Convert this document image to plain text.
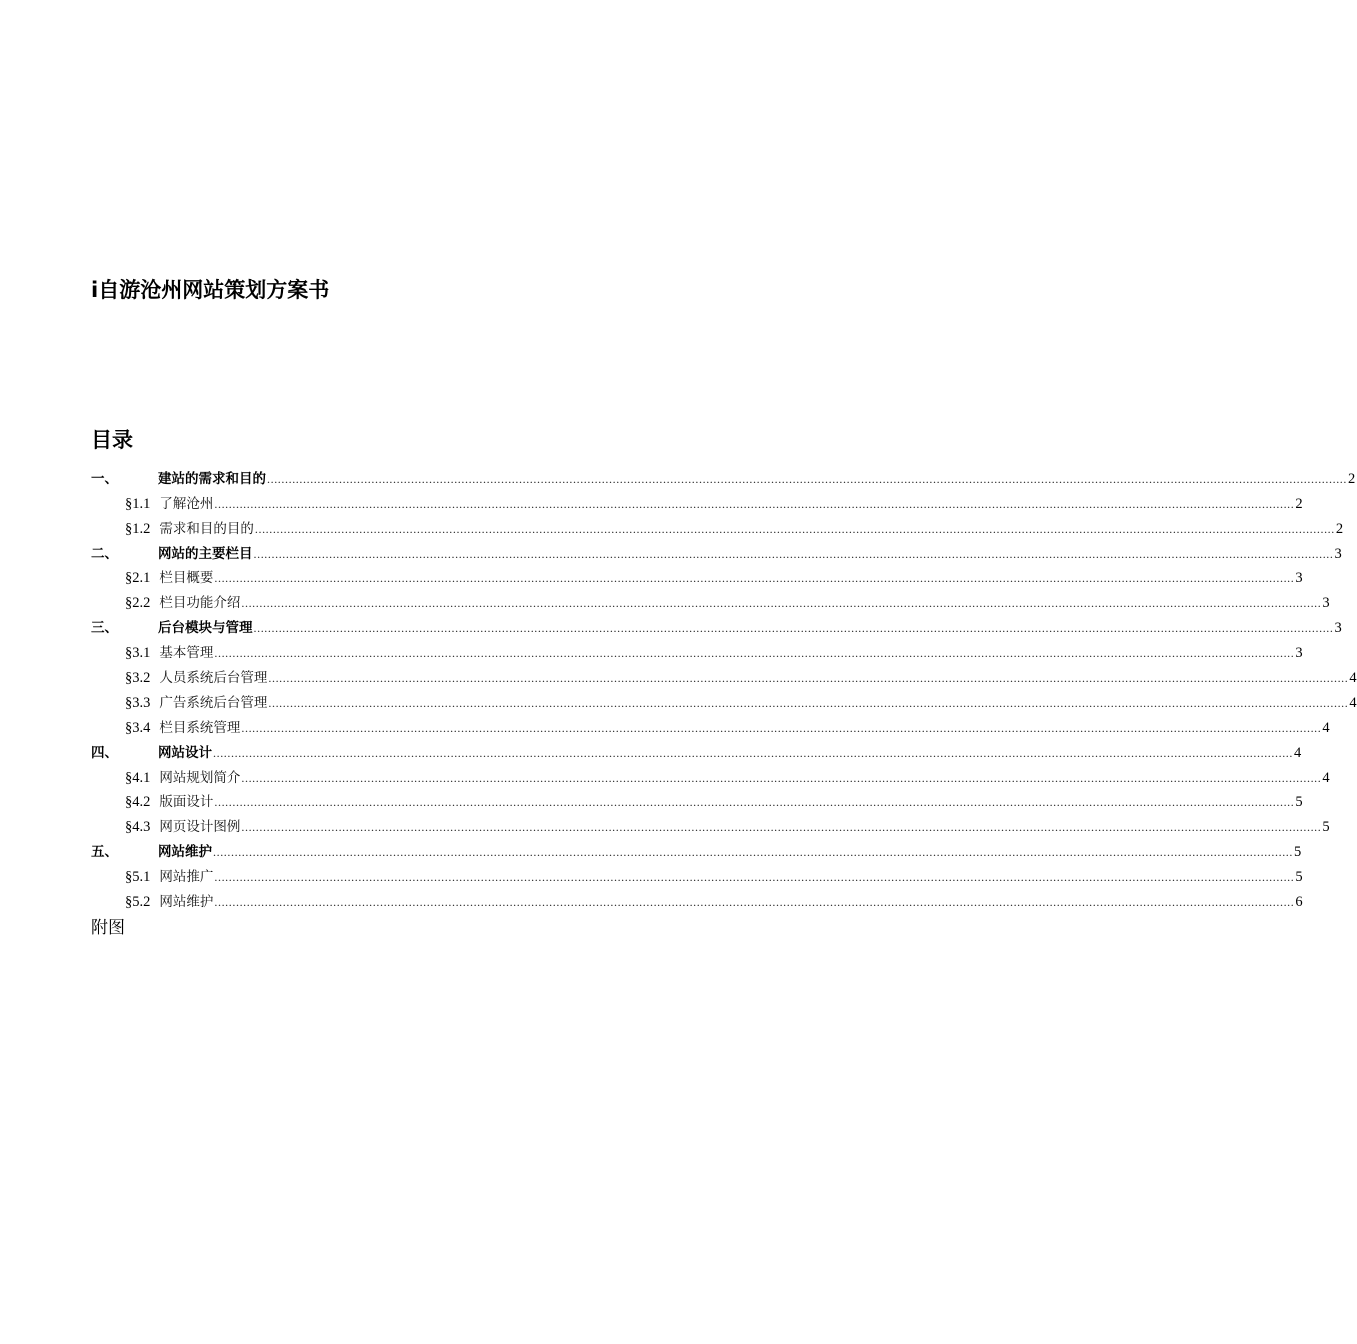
i自游沧州网站策划方案书
目录
一、	建站的需求和目的 ............................................................................................................................................................................................................................................................................................................ 2
§1.1 了解沧州 ............................................................................................................................................................................................................................................................................................................ 2
§1.2 需求和目的目的 ............................................................................................................................................................................................................................................................................................................ 2
二、	网站的主要栏目 ............................................................................................................................................................................................................................................................................................................ 3
§2.1 栏目概要 ............................................................................................................................................................................................................................................................................................................ 3
§2.2 栏目功能介绍 ............................................................................................................................................................................................................................................................................................................ 3
三、	后台模块与管理 ............................................................................................................................................................................................................................................................................................................ 3
§3.1 基本管理 ............................................................................................................................................................................................................................................................................................................ 3
§3.2 人员系统后台管理 ............................................................................................................................................................................................................................................................................................................ 4
§3.3 广告系统后台管理 ............................................................................................................................................................................................................................................................................................................ 4
§3.4 栏目系统管理 ............................................................................................................................................................................................................................................................................................................ 4
四、	网站设计 ............................................................................................................................................................................................................................................................................................................ 4
§4.1 网站规划简介 ............................................................................................................................................................................................................................................................................................................ 4
§4.2 版面设计 ............................................................................................................................................................................................................................................................................................................ 5
§4.3 网页设计图例 ............................................................................................................................................................................................................................................................................................................ 5
五、	网站维护 ............................................................................................................................................................................................................................................................................................................ 5
§5.1 网站推广 ............................................................................................................................................................................................................................................................................................................ 5
§5.2 网站维护 ............................................................................................................................................................................................................................................................................................................ 6
附图
